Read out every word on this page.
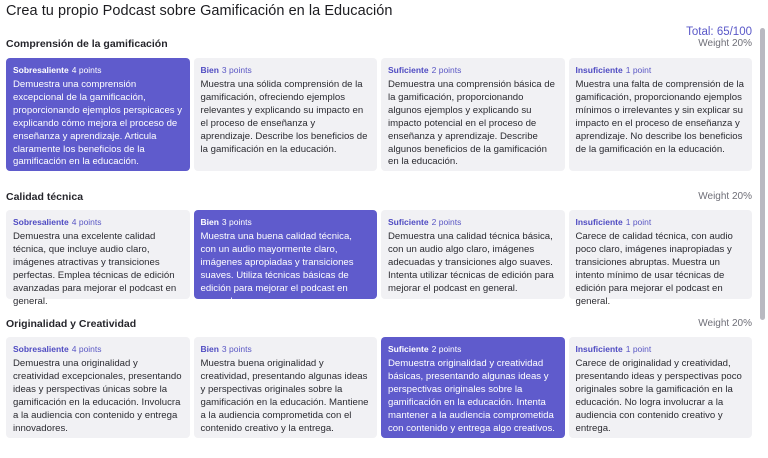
Crea tu propio Podcast sobre Gamificación en la Educación
Total: 65/100
Comprensión de la gamificación	Weight 20%
Sobresaliente 4 points
Demuestra una comprensión excepcional de la gamificación, proporcionando ejemplos perspicaces y explicando cómo mejora el proceso de enseñanza y aprendizaje. Articula claramente los beneficios de la gamificación en la educación.
Bien 3 points
Muestra una sólida comprensión de la gamificación, ofreciendo ejemplos relevantes y explicando su impacto en el proceso de enseñanza y aprendizaje. Describe los beneficios de la gamificación en la educación.
Suficiente 2 points
Demuestra una comprensión básica de la gamificación, proporcionando algunos ejemplos y explicando su impacto potencial en el proceso de enseñanza y aprendizaje. Describe algunos beneficios de la gamificación en la educación.
Insuficiente 1 point
Muestra una falta de comprensión de la gamificación, proporcionando ejemplos mínimos o irrelevantes y sin explicar su impacto en el proceso de enseñanza y aprendizaje. No describe los beneficios de la gamificación en la educación.
Calidad técnica	Weight 20%
Sobresaliente 4 points
Demuestra una excelente calidad técnica, que incluye audio claro, imágenes atractivas y transiciones perfectas. Emplea técnicas de edición avanzadas para mejorar el podcast en general.
Bien 3 points
Muestra una buena calidad técnica, con un audio mayormente claro, imágenes apropiadas y transiciones suaves. Utiliza técnicas básicas de edición para mejorar el podcast en general.
Suficiente 2 points
Demuestra una calidad técnica básica, con un audio algo claro, imágenes adecuadas y transiciones algo suaves. Intenta utilizar técnicas de edición para mejorar el podcast en general.
Insuficiente 1 point
Carece de calidad técnica, con audio poco claro, imágenes inapropiadas y transiciones abruptas. Muestra un intento mínimo de usar técnicas de edición para mejorar el podcast en general.
Originalidad y Creatividad	Weight 20%
Sobresaliente 4 points
Demuestra una originalidad y creatividad excepcionales, presentando ideas y perspectivas únicas sobre la gamificación en la educación. Involucra a la audiencia con contenido y entrega innovadores.
Bien 3 points
Muestra buena originalidad y creatividad, presentando algunas ideas y perspectivas originales sobre la gamificación en la educación. Mantiene a la audiencia comprometida con el contenido creativo y la entrega.
Suficiente 2 points
Demuestra originalidad y creatividad básicas, presentando algunas ideas y perspectivas originales sobre la gamificación en la educación. Intenta mantener a la audiencia comprometida con contenido y entrega algo creativos.
Insuficiente 1 point
Carece de originalidad y creatividad, presentando ideas y perspectivas poco originales sobre la gamificación en la educación. No logra involucrar a la audiencia con contenido creativo y entrega.
